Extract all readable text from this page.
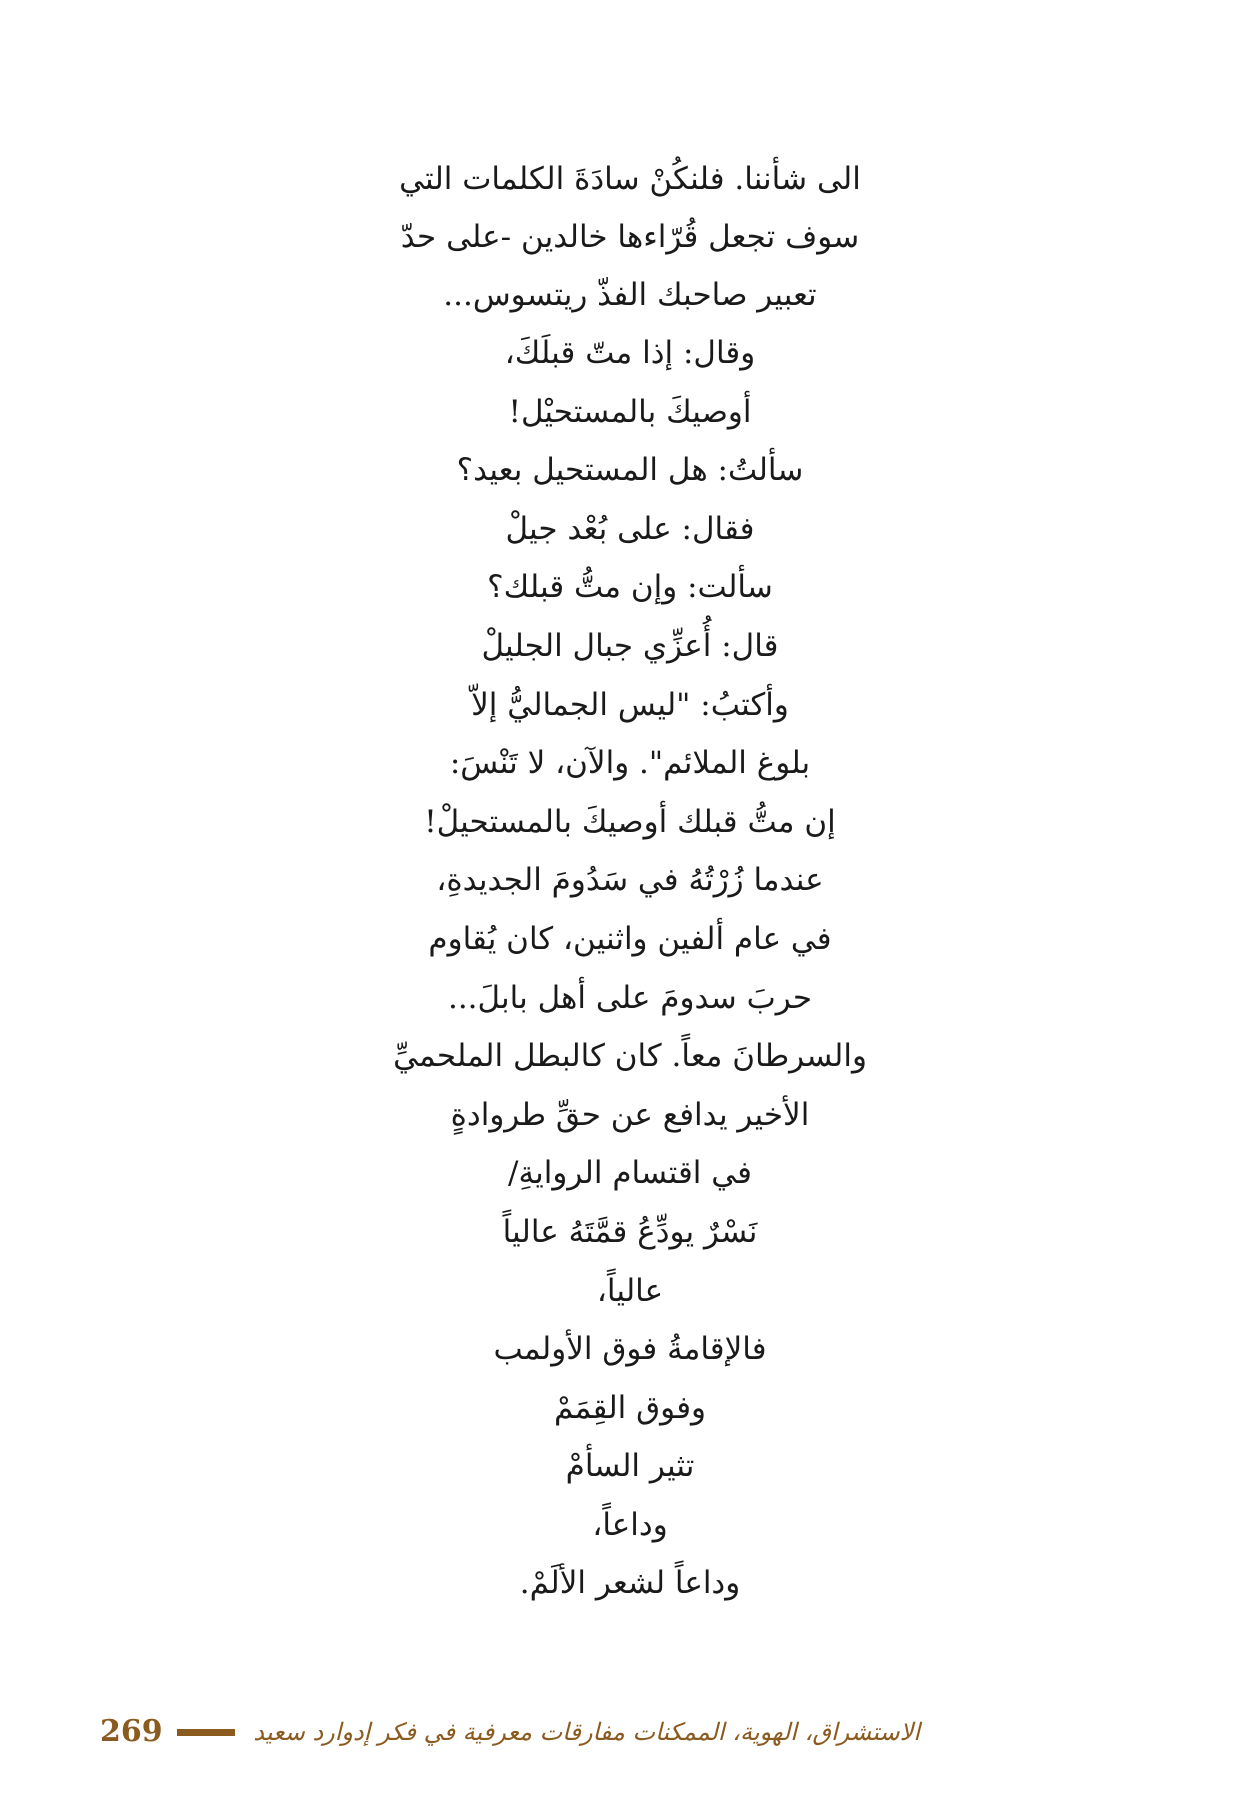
الى شأننا. فلنكُنْ سادَةَ الكلمات التي
سوف تجعل قُرّاءها خالدين -على حدّ
تعبير صاحبك الفذّ ريتسوس...
وقال: إذا متّ قبلَكَ،
أوصيكَ بالمستحيْل!
سألتُ: هل المستحيل بعيد؟
فقال: على بُعْد جيلْ
سألت: وإن متُّ قبلك؟
قال: أُعزِّي جبال الجليلْ
وأكتبُ: "ليس الجماليُّ إلاّ
بلوغ الملائم". والآن، لا تَنْسَ:
إن متُّ قبلك أوصيكَ بالمستحيلْ!
عندما زُرْتُهُ في سَدُومَ الجديدةِ،
في عام ألفين واثنين، كان يُقاوم
حربَ سدومَ على أهل بابلَ...
والسرطانَ معاً. كان كالبطل الملحميِّ
الأخير يدافع عن حقِّ طروادةٍ
في اقتسام الروايةِ/
نَسْرٌ يودِّعُ قمَّتَهُ عالياً
عالياً،
فالإقامةُ فوق الأولمب
وفوق القِمَمْ
تثير السأمْ
وداعاً،
وداعاً لشعر الألَمْ.
269	الاستشراق، الهوية، الممكنات مفارقات معرفية في فكر إدوارد سعيد
